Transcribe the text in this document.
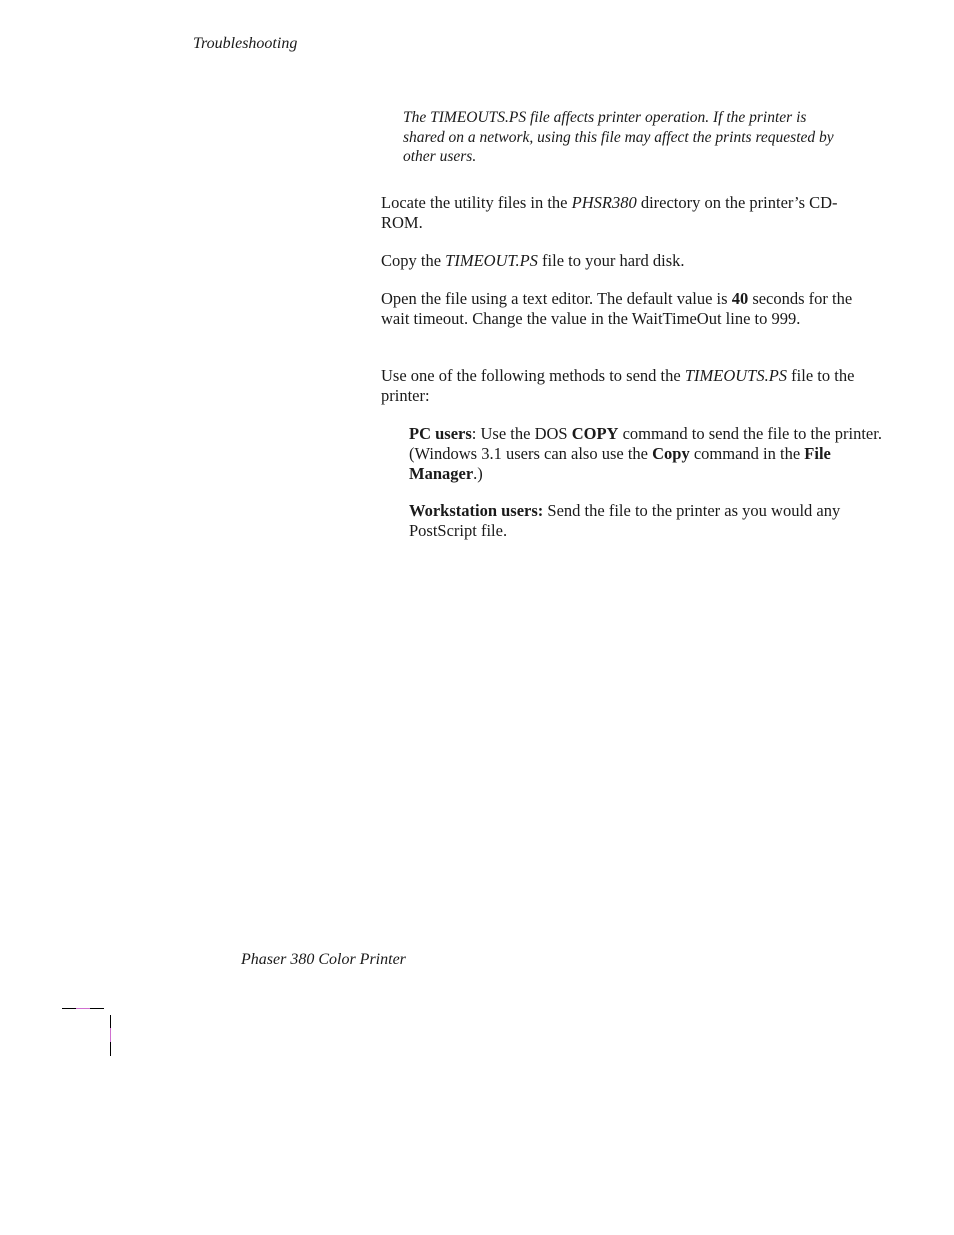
Troubleshooting
The TIMEOUTS.PS file affects printer operation. If the printer is shared on a network, using this file may affect the prints requested by other users.
Locate the utility files in the PHSR380 directory on the printer’s CD-ROM.
Copy the TIMEOUT.PS file to your hard disk.
Open the file using a text editor. The default value is 40 seconds for the wait timeout. Change the value in the WaitTimeOut line to 999.
Use one of the following methods to send the TIMEOUTS.PS file to the printer:
PC users: Use the DOS COPY command to send the file to the printer. (Windows 3.1 users can also use the Copy command in the File Manager.)
Workstation users: Send the file to the printer as you would any PostScript file.
Phaser 380 Color Printer
